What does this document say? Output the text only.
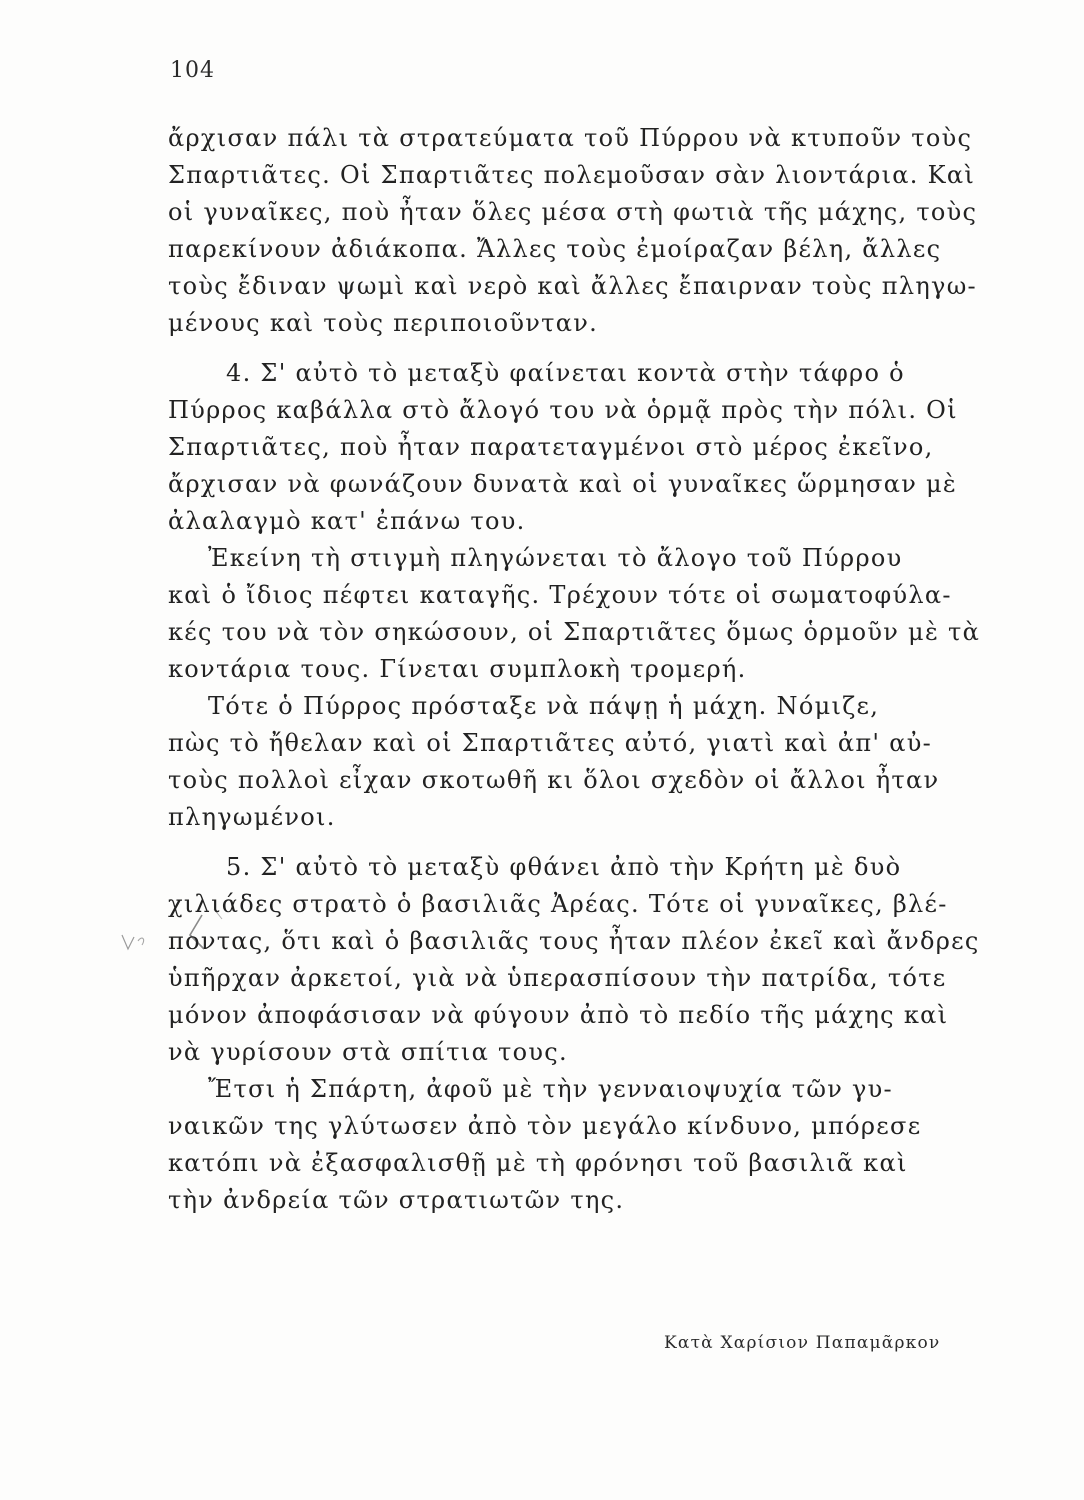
104
ἄρχισαν πάλι τὰ στρατεύματα τοῦ Πύρρου νὰ κτυποῦν τοὺς
Σπαρτιᾶτες. Οἱ Σπαρτιᾶτες πολεμοῦσαν σὰν λιοντάρια. Καὶ
οἱ γυναῖκες, ποὺ ἦταν ὅλες μέσα στὴ φωτιὰ τῆς μάχης, τοὺς
παρεκίνουν ἀδιάκοπα. Ἄλλες τοὺς ἐμοίραζαν βέλη, ἄλλες
τοὺς ἔδιναν ψωμὶ καὶ νερὸ καὶ ἄλλες ἔπαιρναν τοὺς πληγω-
μένους καὶ τοὺς περιποιοῦνταν.
4. Σ' αὐτὸ τὸ μεταξὺ φαίνεται κοντὰ στὴν τάφρο ὁ
Πύρρος καβάλλα στὸ ἄλογό του νὰ ὁρμᾷ πρὸς τὴν πόλι. Οἱ
Σπαρτιᾶτες, ποὺ ἦταν παρατεταγμένοι στὸ μέρος ἐκεῖνο,
ἄρχισαν νὰ φωνάζουν δυνατὰ καὶ οἱ γυναῖκες ὥρμησαν μὲ
ἀλαλαγμὸ κατ' ἐπάνω του.
Ἐκείνη τὴ στιγμὴ πληγώνεται τὸ ἄλογο τοῦ Πύρρου
καὶ ὁ ἴδιος πέφτει καταγῆς. Τρέχουν τότε οἱ σωματοφύλα-
κές του νὰ τὸν σηκώσουν, οἱ Σπαρτιᾶτες ὅμως ὁρμοῦν μὲ τὰ
κοντάρια τους. Γίνεται συμπλοκὴ τρομερή.
Τότε ὁ Πύρρος πρόσταξε νὰ πάψῃ ἡ μάχη. Νόμιζε,
πὼς τὸ ἤθελαν καὶ οἱ Σπαρτιᾶτες αὐτό, γιατὶ καὶ ἀπ' αὐ-
τοὺς πολλοὶ εἶχαν σκοτωθῆ κι ὅλοι σχεδὸν οἱ ἄλλοι ἦταν
πληγωμένοι.
5. Σ' αὐτὸ τὸ μεταξὺ φθάνει ἀπὸ τὴν Κρήτη μὲ δυὸ
χιλιάδες στρατὸ ὁ βασιλιᾶς Ἀρέας. Τότε οἱ γυναῖκες, βλέ-
ποντας, ὅτι καὶ ὁ βασιλιᾶς τους ἦταν πλέον ἐκεῖ καὶ ἄνδρες
ὑπῆρχαν ἀρκετοί, γιὰ νὰ ὑπερασπίσουν τὴν πατρίδα, τότε
μόνον ἀποφάσισαν νὰ φύγουν ἀπὸ τὸ πεδίο τῆς μάχης καὶ
νὰ γυρίσουν στὰ σπίτια τους.
Ἔτσι ἡ Σπάρτη, ἀφοῦ μὲ τὴν γενναιοψυχία τῶν γυ-
ναικῶν της γλύτωσεν ἀπὸ τὸν μεγάλο κίνδυνο, μπόρεσε
κατόπι νὰ ἐξασφαλισθῇ μὲ τὴ φρόνησι τοῦ βασιλιᾶ καὶ
τὴν ἀνδρεία τῶν στρατιωτῶν της.
Κατὰ Χαρίσιον Παπαμᾶρκον
